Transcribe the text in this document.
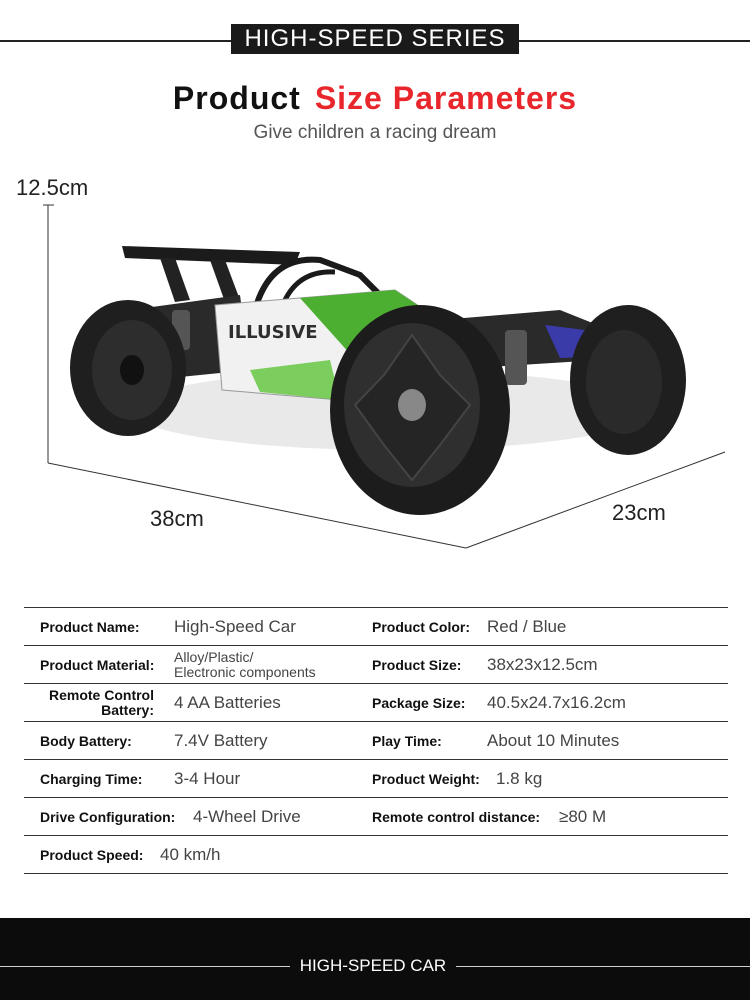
HIGH-SPEED SERIES
Product Size Parameters
Give children a racing dream
ILLUSIVE
12.5cm
38cm	23cm
Product Name: High-Speed Car	Product Color: Red / Blue
Product Material: Alloy/Plastic/
Electronic components	Product Size: 38x23x12.5cm
Remote Control
Battery: 4 AA Batteries	Package Size: 40.5x24.7x16.2cm
Body Battery: 7.4V Battery	Play Time:	About 10 Minutes
Charging Time: 3-4 Hour	Product Weight: 1.8 kg
Drive Configuration: 4-Wheel Drive	Remote control distance: ≥80 M
Product Speed: 40 km/h
HIGH-SPEED CAR
